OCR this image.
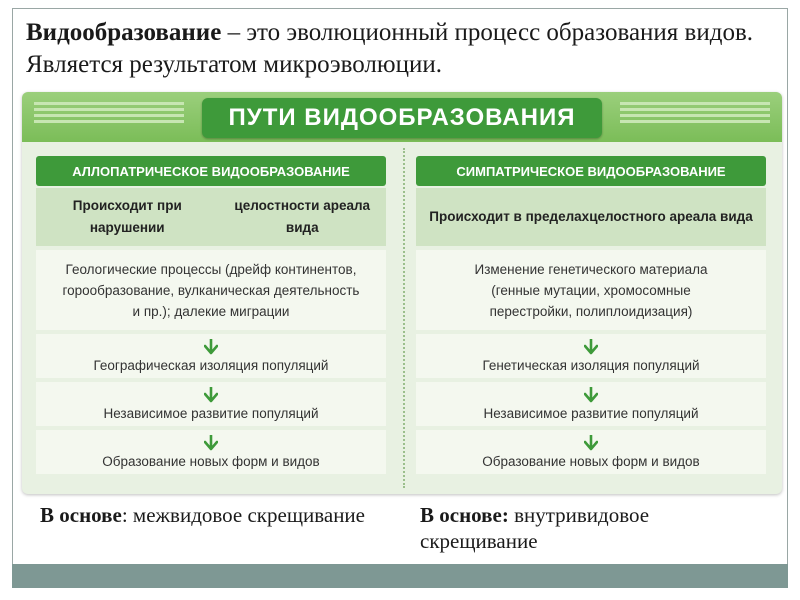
Видообразование – это эволюционный процесс образования видов. Является результатом микроэволюции.
ПУТИ ВИДООБРАЗОВАНИЯ
АЛЛОПАТРИЧЕСКОЕ ВИДООБРАЗОВАНИЕ
Происходит при нарушении
целостности ареала вида
Геологические процессы (дрейф континентов,
горообразование, вулканическая деятельность
и пр.); далекие миграции
Географическая изоляция популяций
Независимое развитие популяций
Образование новых форм и видов
СИМПАТРИЧЕСКОЕ ВИДООБРАЗОВАНИЕ
Происходит в пределах целостного ареала вида
Изменение генетического материала
(генные мутации, хромосомные
перестройки, полиплоидизация)
Генетическая изоляция популяций
Независимое развитие популяций
Образование новых форм и видов
В основе: межвидовое скрещивание	В основе: внутривидовое скрещивание
